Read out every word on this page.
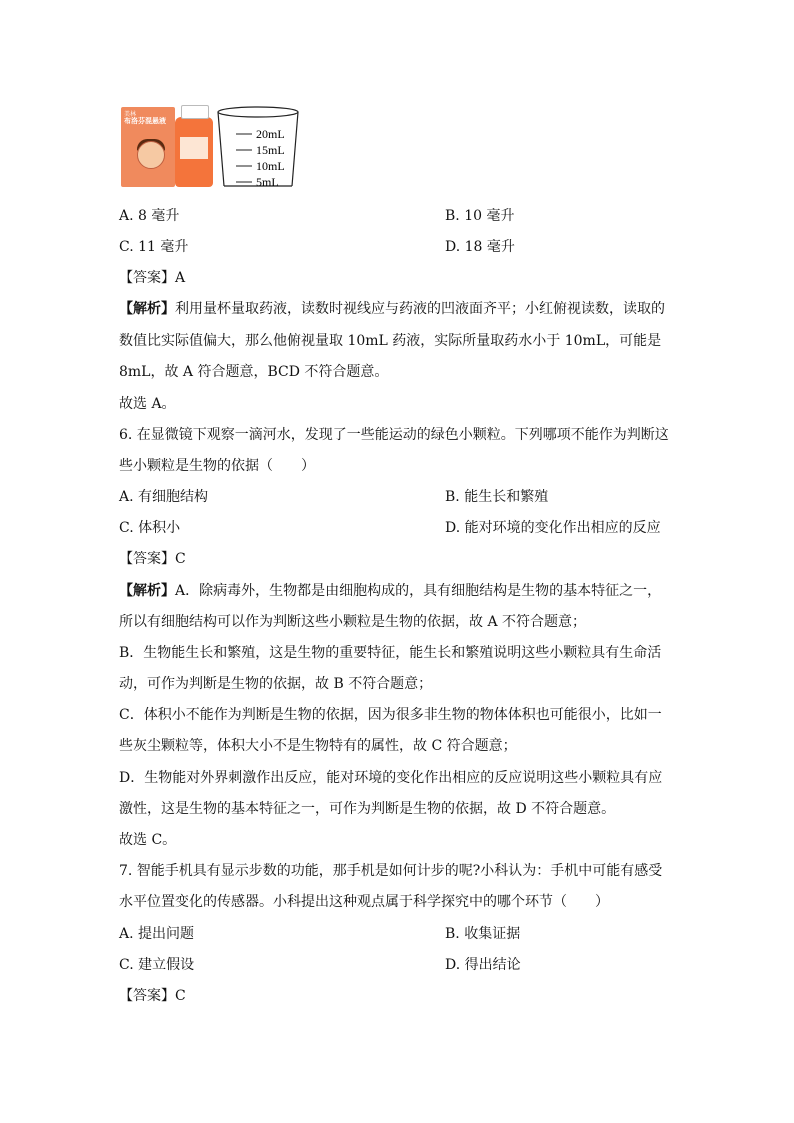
美林
布洛芬混悬液
20mL
15mL
10mL
5mL
A. 8 毫升	B. 10 毫升
C. 11 毫升	D. 18 毫升
【答案】A
【解析】利用量杯量取药液，读数时视线应与药液的凹液面齐平；小红俯视读数，读取的
数值比实际值偏大，那么他俯视量取 10mL 药液，实际所量取药水小于 10mL，可能是
8mL，故 A 符合题意，BCD 不符合题意。
故选 A。
6. 在显微镜下观察一滴河水，发现了一些能运动的绿色小颗粒。下列哪项不能作为判断这
些小颗粒是生物的依据（　　）
A. 有细胞结构	B. 能生长和繁殖
C. 体积小	D. 能对环境的变化作出相应的反应
【答案】C
【解析】A．除病毒外，生物都是由细胞构成的，具有细胞结构是生物的基本特征之一，
所以有细胞结构可以作为判断这些小颗粒是生物的依据，故 A 不符合题意；
B．生物能生长和繁殖，这是生物的重要特征，能生长和繁殖说明这些小颗粒具有生命活
动，可作为判断是生物的依据，故 B 不符合题意；
C．体积小不能作为判断是生物的依据，因为很多非生物的物体体积也可能很小，比如一
些灰尘颗粒等，体积大小不是生物特有的属性，故 C 符合题意；
D．生物能对外界刺激作出反应，能对环境的变化作出相应的反应说明这些小颗粒具有应
激性，这是生物的基本特征之一，可作为判断是生物的依据，故 D 不符合题意。
故选 C。
7. 智能手机具有显示步数的功能，那手机是如何计步的呢?小科认为：手机中可能有感受
水平位置变化的传感器。小科提出这种观点属于科学探究中的哪个环节（　　）
A. 提出问题	B. 收集证据
C. 建立假设	D. 得出结论
【答案】C
